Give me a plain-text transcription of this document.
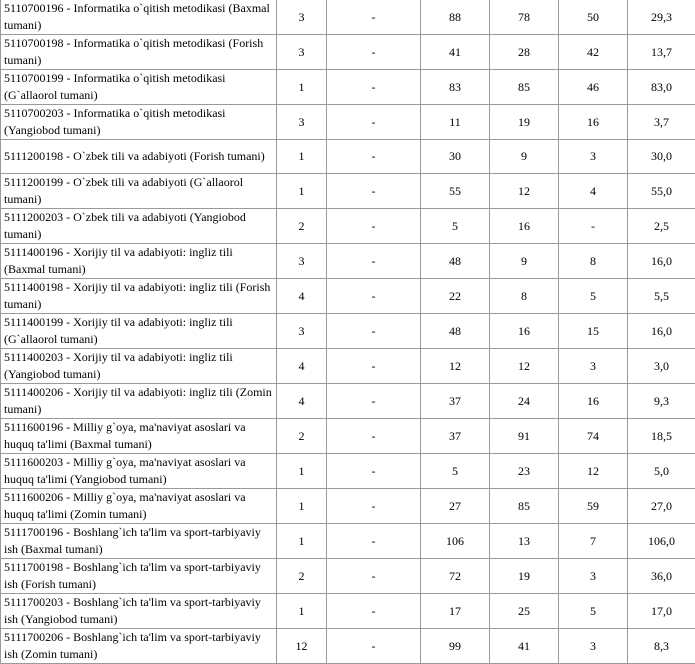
5110700196 - Informatika o`qitish metodikasi (Baxmal tumani)	3	-	88	78	50	29,3
5110700198 - Informatika o`qitish metodikasi (Forish tumani)	3	-	41	28	42	13,7
5110700199 - Informatika o`qitish metodikasi (G`allaorol tumani)	1	-	83	85	46	83,0
5110700203 - Informatika o`qitish metodikasi (Yangiobod tumani)	3	-	11	19	16	3,7
5111200198 - O`zbek tili va adabiyoti (Forish tumani)	1	-	30	9	3	30,0
5111200199 - O`zbek tili va adabiyoti (G`allaorol tumani)	1	-	55	12	4	55,0
5111200203 - O`zbek tili va adabiyoti (Yangiobod tumani)	2	-	5	16	-	2,5
5111400196 - Xorijiy til va adabiyoti: ingliz tili (Baxmal tumani)	3	-	48	9	8	16,0
5111400198 - Xorijiy til va adabiyoti: ingliz tili (Forish tumani)	4	-	22	8	5	5,5
5111400199 - Xorijiy til va adabiyoti: ingliz tili (G`allaorol tumani)	3	-	48	16	15	16,0
5111400203 - Xorijiy til va adabiyoti: ingliz tili (Yangiobod tumani)	4	-	12	12	3	3,0
5111400206 - Xorijiy til va adabiyoti: ingliz tili (Zomin tumani)	4	-	37	24	16	9,3
5111600196 - Milliy g`oya, ma'naviyat asoslari va huquq ta'limi (Baxmal tumani)	2	-	37	91	74	18,5
5111600203 - Milliy g`oya, ma'naviyat asoslari va huquq ta'limi (Yangiobod tumani)	1	-	5	23	12	5,0
5111600206 - Milliy g`oya, ma'naviyat asoslari va huquq ta'limi (Zomin tumani)	1	-	27	85	59	27,0
5111700196 - Boshlang`ich ta'lim va sport-tarbiyaviy ish (Baxmal tumani)	1	-	106	13	7	106,0
5111700198 - Boshlang`ich ta'lim va sport-tarbiyaviy ish (Forish tumani)	2	-	72	19	3	36,0
5111700203 - Boshlang`ich ta'lim va sport-tarbiyaviy ish (Yangiobod tumani)	1	-	17	25	5	17,0
5111700206 - Boshlang`ich ta'lim va sport-tarbiyaviy ish (Zomin tumani)	12	-	99	41	3	8,3
